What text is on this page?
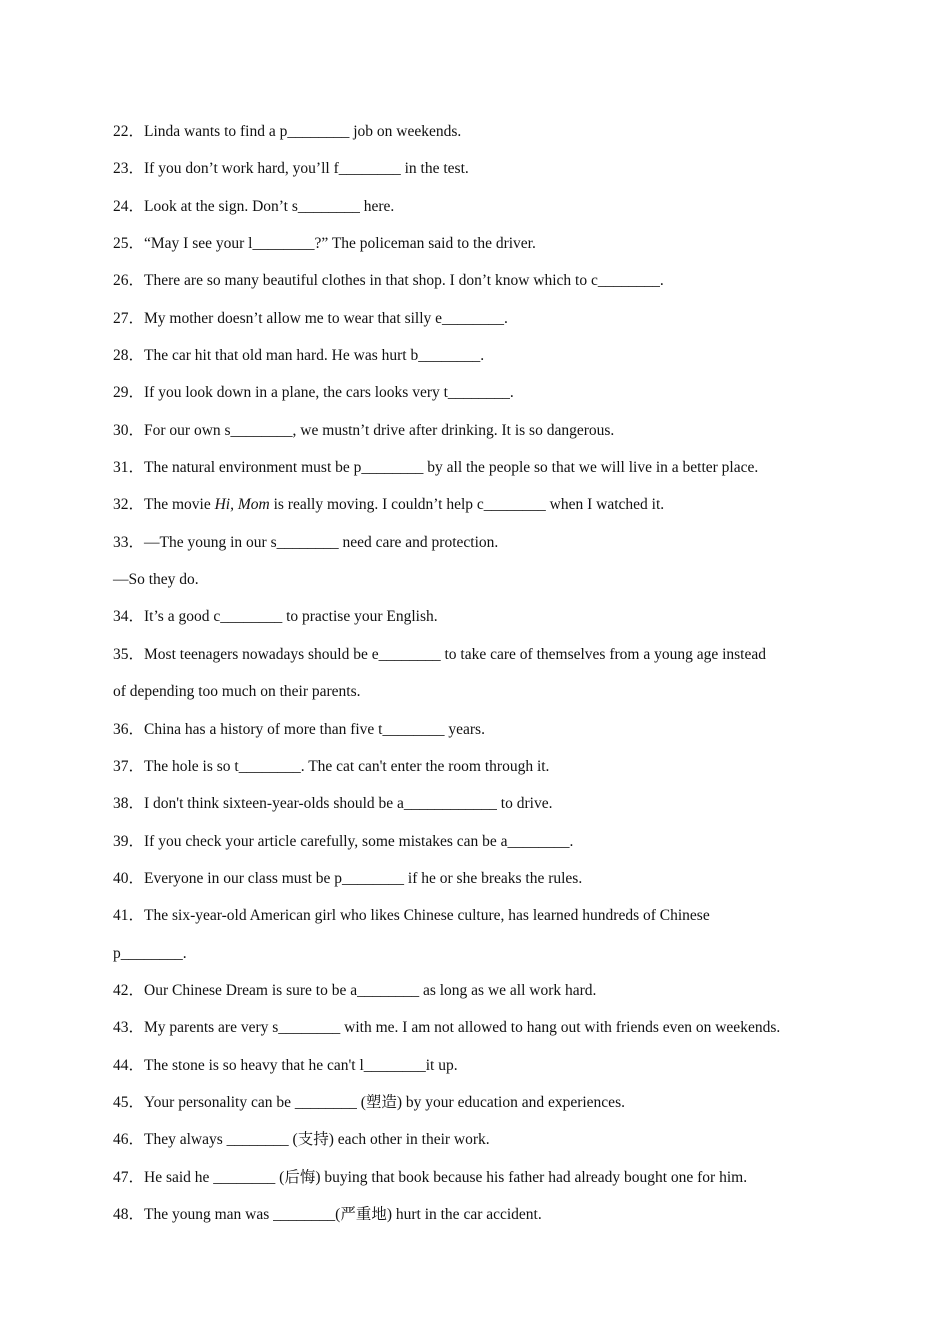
22．Linda wants to find a p________ job on weekends.
23．If you don’t work hard, you’ll f________ in the test.
24．Look at the sign. Don’t s________ here.
25．“May I see your l________?” The policeman said to the driver.
26．There are so many beautiful clothes in that shop. I don’t know which to c________.
27．My mother doesn’t allow me to wear that silly e________.
28．The car hit that old man hard. He was hurt b________.
29．If you look down in a plane, the cars looks very t________.
30．For our own s________, we mustn’t drive after drinking. It is so dangerous.
31．The natural environment must be p________ by all the people so that we will live in a better place.
32．The movie Hi, Mom is really moving. I couldn’t help c________ when I watched it.
33．—The young in our s________ need care and protection.
—So they do.
34．It’s a good c________ to practise your English.
35．Most teenagers nowadays should be e________ to take care of themselves from a young age instead
of depending too much on their parents.
36．China has a history of more than five t________ years.
37．The hole is so t________. The cat can't enter the room through it.
38．I don't think sixteen-year-olds should be a____________ to drive.
39．If you check your article carefully, some mistakes can be a________.
40．Everyone in our class must be p________ if he or she breaks the rules.
41．The six-year-old American girl who likes Chinese culture, has learned hundreds of Chinese
p________.
42．Our Chinese Dream is sure to be a________ as long as we all work hard.
43．My parents are very s________ with me. I am not allowed to hang out with friends even on weekends.
44．The stone is so heavy that he can't l________it up.
45．Your personality can be ________ (塑造) by your education and experiences.
46．They always ________ (支持) each other in their work.
47．He said he ________ (后悔) buying that book because his father had already bought one for him.
48．The young man was ________(严重地) hurt in the car accident.
